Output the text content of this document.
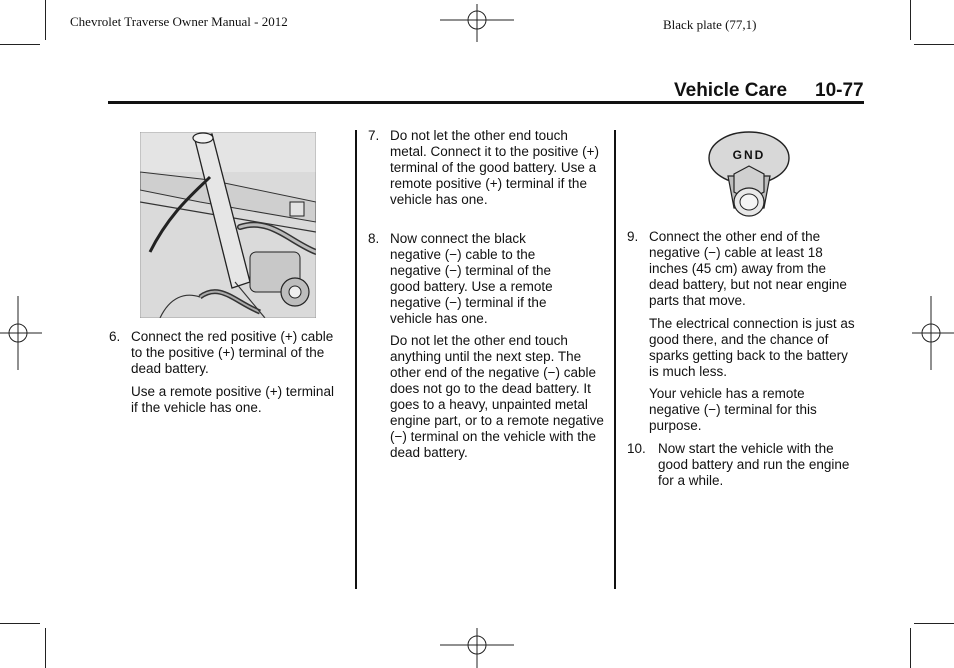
Chevrolet Traverse Owner Manual - 2012	Black plate (77,1)
Vehicle Care 10-77
GND
6. Connect the red positive (+) cable to the positive (+) terminal of the dead battery.
Use a remote positive (+) terminal if the vehicle has one.
7. Do not let the other end touch metal. Connect it to the positive (+) terminal of the good battery. Use a remote positive (+) terminal if the vehicle has one.
8. Now connect the black negative (−) cable to the negative (−) terminal of the good battery. Use a remote negative (−) terminal if the vehicle has one.
Do not let the other end touch anything until the next step. The other end of the negative (−) cable does not go to the dead battery. It goes to a heavy, unpainted metal engine part, or to a remote negative (−) terminal on the vehicle with the dead battery.
9. Connect the other end of the negative (−) cable at least 18 inches (45 cm) away from the dead battery, but not near engine parts that move.
The electrical connection is just as good there, and the chance of sparks getting back to the battery is much less.
Your vehicle has a remote negative (−) terminal for this purpose.
10. Now start the vehicle with the good battery and run the engine for a while.
